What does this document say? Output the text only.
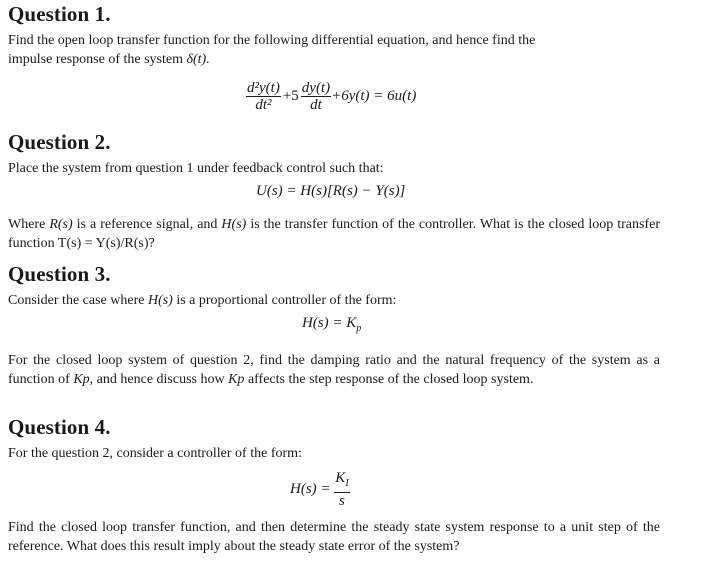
Question 1.

Find the open loop transfer function for the following differential equation, and hence find the
impulse response of the system δ(t).

$\frac{\text{d²y(t)}}{\text{dt²}} +5 \frac{dy(t)}{dt} +6y(t) = 6u(t)$
Question 2.

Place the system from question 1 under feedback control such that:

U(s) = H(s)[R(s) − Y(s)]

Where R(s) is a reference signal, and H(s) is the transfer function of the controller. What is the closed loop transfer function T(s) = Y(s)/R(s)?

Question 3.

Consider the case where H(s) is a proportional controller of the form:

$H(s) = K_p$

For the closed loop system of question 2, find the damping ratio and the natural frequency of the system as a function of Kp, and hence discuss how Kp affects the step response of the closed loop system.

Question 4.

For the question 2, consider a controller of the form:

$H(s) = \frac{K_I}{s}$

Find the closed loop transfer function, and then determine the steady state system response to a unit step of the reference. What does this result imply about the steady state error of the system?
